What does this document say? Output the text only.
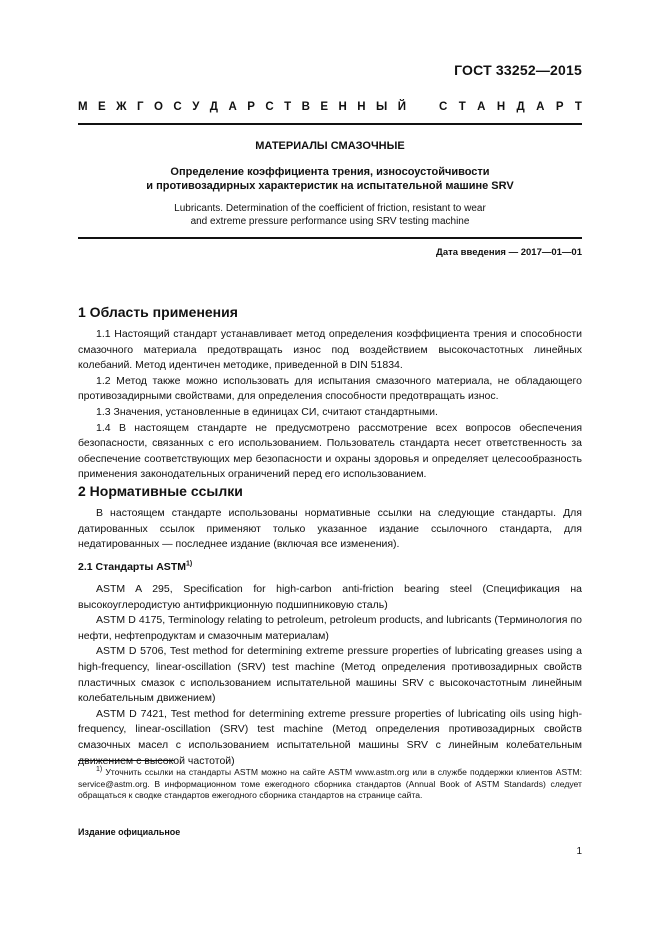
ГОСТ 33252—2015
М Е Ж Г О С У Д А Р С Т В Е Н Н Ы Й	С Т А Н Д А Р Т
МАТЕРИАЛЫ СМАЗОЧНЫЕ
Определение коэффициента трения, износоустойчивости
и противозадирных характеристик на испытательной машине SRV
Lubricants. Determination of the coefficient of friction, resistant to wear
and extreme pressure performance using SRV testing machine
Дата введения — 2017—01—01
1 Область применения

1.1 Настоящий стандарт устанавливает метод определения коэффициента трения и способности смазочного материала предотвращать износ под воздействием высокочастотных линейных колебаний. Метод идентичен методике, приведенной в DIN 51834.

1.2 Метод также можно использовать для испытания смазочного материала, не обладающего противозадирными свойствами, для определения способности предотвращать износ.

1.3 Значения, установленные в единицах СИ, считают стандартными.

1.4 В настоящем стандарте не предусмотрено рассмотрение всех вопросов обеспечения безопасности, связанных с его использованием. Пользователь стандарта несет ответственность за обеспечение соответствующих мер безопасности и охраны здоровья и определяет целесообразность применения законодательных ограничений перед его использованием.

2 Нормативные ссылки

В настоящем стандарте использованы нормативные ссылки на следующие стандарты. Для датированных ссылок применяют только указанное издание ссылочного стандарта, для недатированных — последнее издание (включая все изменения).

2.1 Стандарты ASTM$^{1)}$

ASTM A 295, Specification for high-carbon anti-friction bearing steel (Спецификация на высокоуглеродистую антифрикционную подшипниковую сталь)

ASTM D 4175, Terminology relating to petroleum, petroleum products, and lubricants (Терминология по нефти, нефтепродуктам и смазочным материалам)

ASTM D 5706, Test method for determining extreme pressure properties of lubricating greases using a high-frequency, linear-oscillation (SRV) test machine (Метод определения противозадирных свойств пластичных смазок с использованием испытательной машины SRV с высокочастотным линейным колебательным движением)

ASTM D 7421, Test method for determining extreme pressure properties of lubricating oils using high-frequency, linear-oscillation (SRV) test machine (Метод определения противозадирных свойств смазочных масел с использованием испытательной машины SRV с линейным колебательным движением с высокой частотой)

$^{1)}$ Уточнить ссылки на стандарты ASTM можно на сайте ASTM www.astm.org или в службе поддержки клиентов ASTM: service@astm.org. В информационном томе ежегодного сборника стандартов (Annual Book of ASTM Standards) следует обращаться к сводке стандартов ежегодного сборника стандартов на странице сайта.

Издание официальное
1
